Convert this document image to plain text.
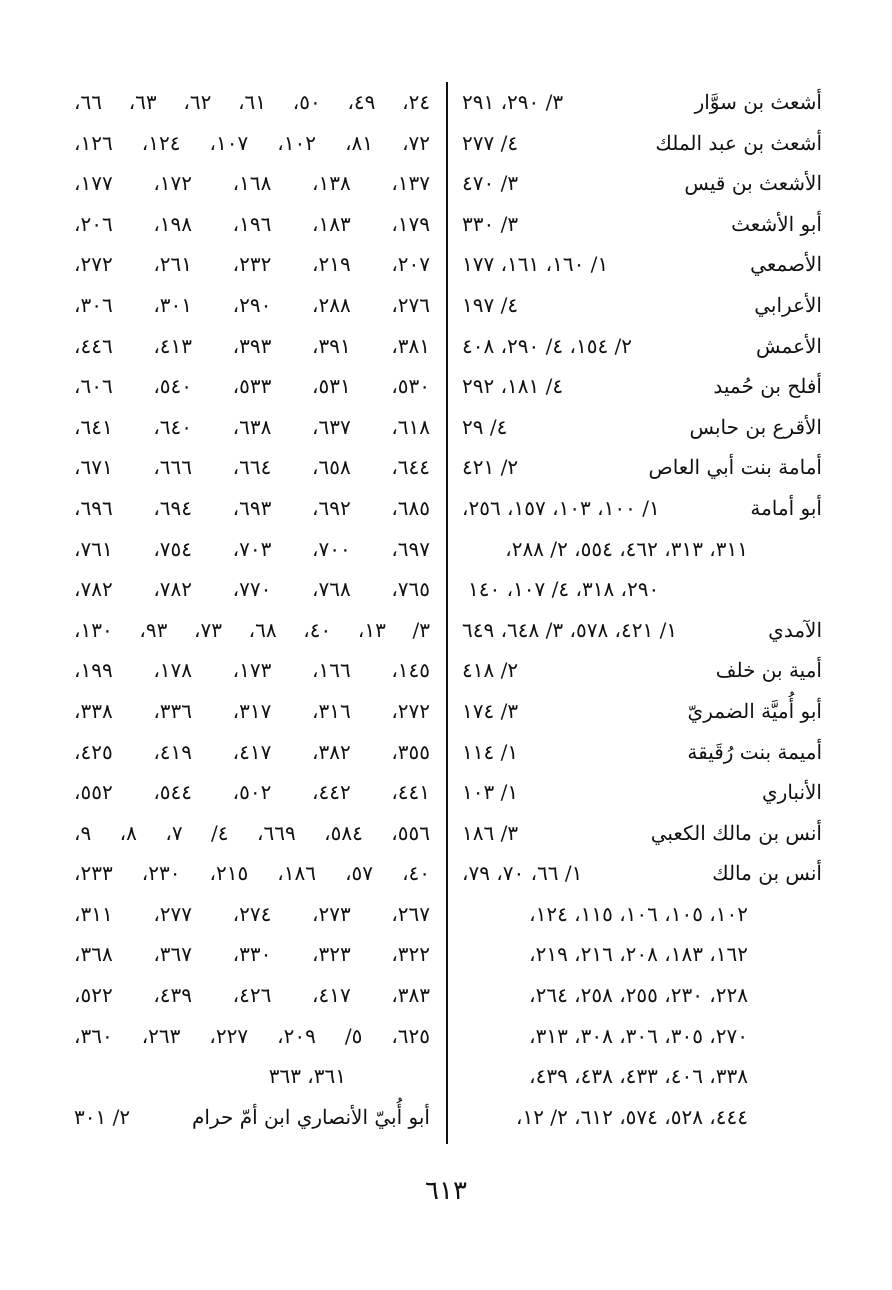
٢٤، ٤٩، ٥٠، ٦١، ٦٢، ٦٣، ٦٦،
٧٢، ٨١، ١٠٢، ١٠٧، ١٢٤، ١٢٦،
١٣٧، ١٣٨، ١٦٨، ١٧٢، ١٧٧،
١٧٩، ١٨٣، ١٩٦، ١٩٨، ٢٠٦،
٢٠٧، ٢١٩، ٢٣٢، ٢٦١، ٢٧٢،
٢٧٦، ٢٨٨، ٢٩٠، ٣٠١، ٣٠٦،
٣٨١، ٣٩١، ٣٩٣، ٤١٣، ٤٤٦،
٥٣٠، ٥٣١، ٥٣٣، ٥٤٠، ٦٠٦،
٦١٨، ٦٣٧، ٦٣٨، ٦٤٠، ٦٤١،
٦٤٤، ٦٥٨، ٦٦٤، ٦٦٦، ٦٧١،
٦٨٥، ٦٩٢، ٦٩٣، ٦٩٤، ٦٩٦،
٦٩٧، ٧٠٠، ٧٠٣، ٧٥٤، ٧٦١،
٧٦٥، ٧٦٨، ٧٧٠، ٧٨٢، ٧٨٢،
٣/ ١٣، ٤٠، ٦٨، ٧٣، ٩٣، ١٣٠،
١٤٥، ١٦٦، ١٧٣، ١٧٨، ١٩٩،
٢٧٢، ٣١٦، ٣١٧، ٣٣٦، ٣٣٨،
٣٥٥، ٣٨٢، ٤١٧، ٤١٩، ٤٢٥،
٤٤١، ٤٤٢، ٥٠٢، ٥٤٤، ٥٥٢،
٥٥٦، ٥٨٤، ٦٦٩، ٤/ ٧، ٨، ٩،
٤٠، ٥٧، ١٨٦، ٢١٥، ٢٣٠، ٢٣٣،
٢٦٧، ٢٧٣، ٢٧٤، ٢٧٧، ٣١١،
٣٢٢، ٣٢٣، ٣٣٠، ٣٦٧، ٣٦٨،
٣٨٣، ٤١٧، ٤٢٦، ٤٣٩، ٥٢٢،
٦٢٥، ٥/ ٢٠٩، ٢٢٧، ٢٦٣، ٣٦٠،
٣٦١، ٣٦٣
أبو أُبيّ الأنصاري ابن أمّ حرام
٢/ ٣٠١
أشعث بن سوَّار
٣/ ٢٩٠، ٢٩١
أشعث بن عبد الملك
٤/ ٢٧٧
الأشعث بن قيس
٣/ ٤٧٠
أبو الأشعث
٣/ ٣٣٠
الأصمعي
١/ ١٦٠، ١٦١، ١٧٧
الأعرابي
٤/ ١٩٧
الأعمش
٢/ ١٥٤، ٤/ ٢٩٠، ٤٠٨
أفلح بن حُميد
٤/ ١٨١، ٢٩٢
الأقرع بن حابس
٤/ ٢٩
أمامة بنت أبي العاص
٢/ ٤٢١
أبو أمامة
١/ ١٠٠، ١٠٣، ١٥٧، ٢٥٦،
٣١١، ٣١٣، ٤٦٢، ٥٥٤، ٢/ ٢٨٨،
٢٩٠، ٣١٨، ٤/ ١٠٧، ١٤٠
الآمدي
١/ ٤٢١، ٥٧٨، ٣/ ٦٤٨، ٦٤٩
أمية بن خلف
٢/ ٤١٨
أبو أُميَّة الضمريّ
٣/ ١٧٤
أميمة بنت رُقَيقة
١/ ١١٤
الأنباري
١/ ١٠٣
أنس بن مالك الكعبي
٣/ ١٨٦
أنس بن مالك
١/ ٦٦، ٧٠، ٧٩،
١٠٢، ١٠٥، ١٠٦، ١١٥، ١٢٤،
١٦٢، ١٨٣، ٢٠٨، ٢١٦، ٢١٩،
٢٢٨، ٢٣٠، ٢٥٥، ٢٥٨، ٢٦٤،
٢٧٠، ٣٠٥، ٣٠٦، ٣٠٨، ٣١٣،
٣٣٨، ٤٠٦، ٤٣٣، ٤٣٨، ٤٣٩،
٤٤٤، ٥٢٨، ٥٧٤، ٦١٢، ٢/ ١٢،
٦١٣
